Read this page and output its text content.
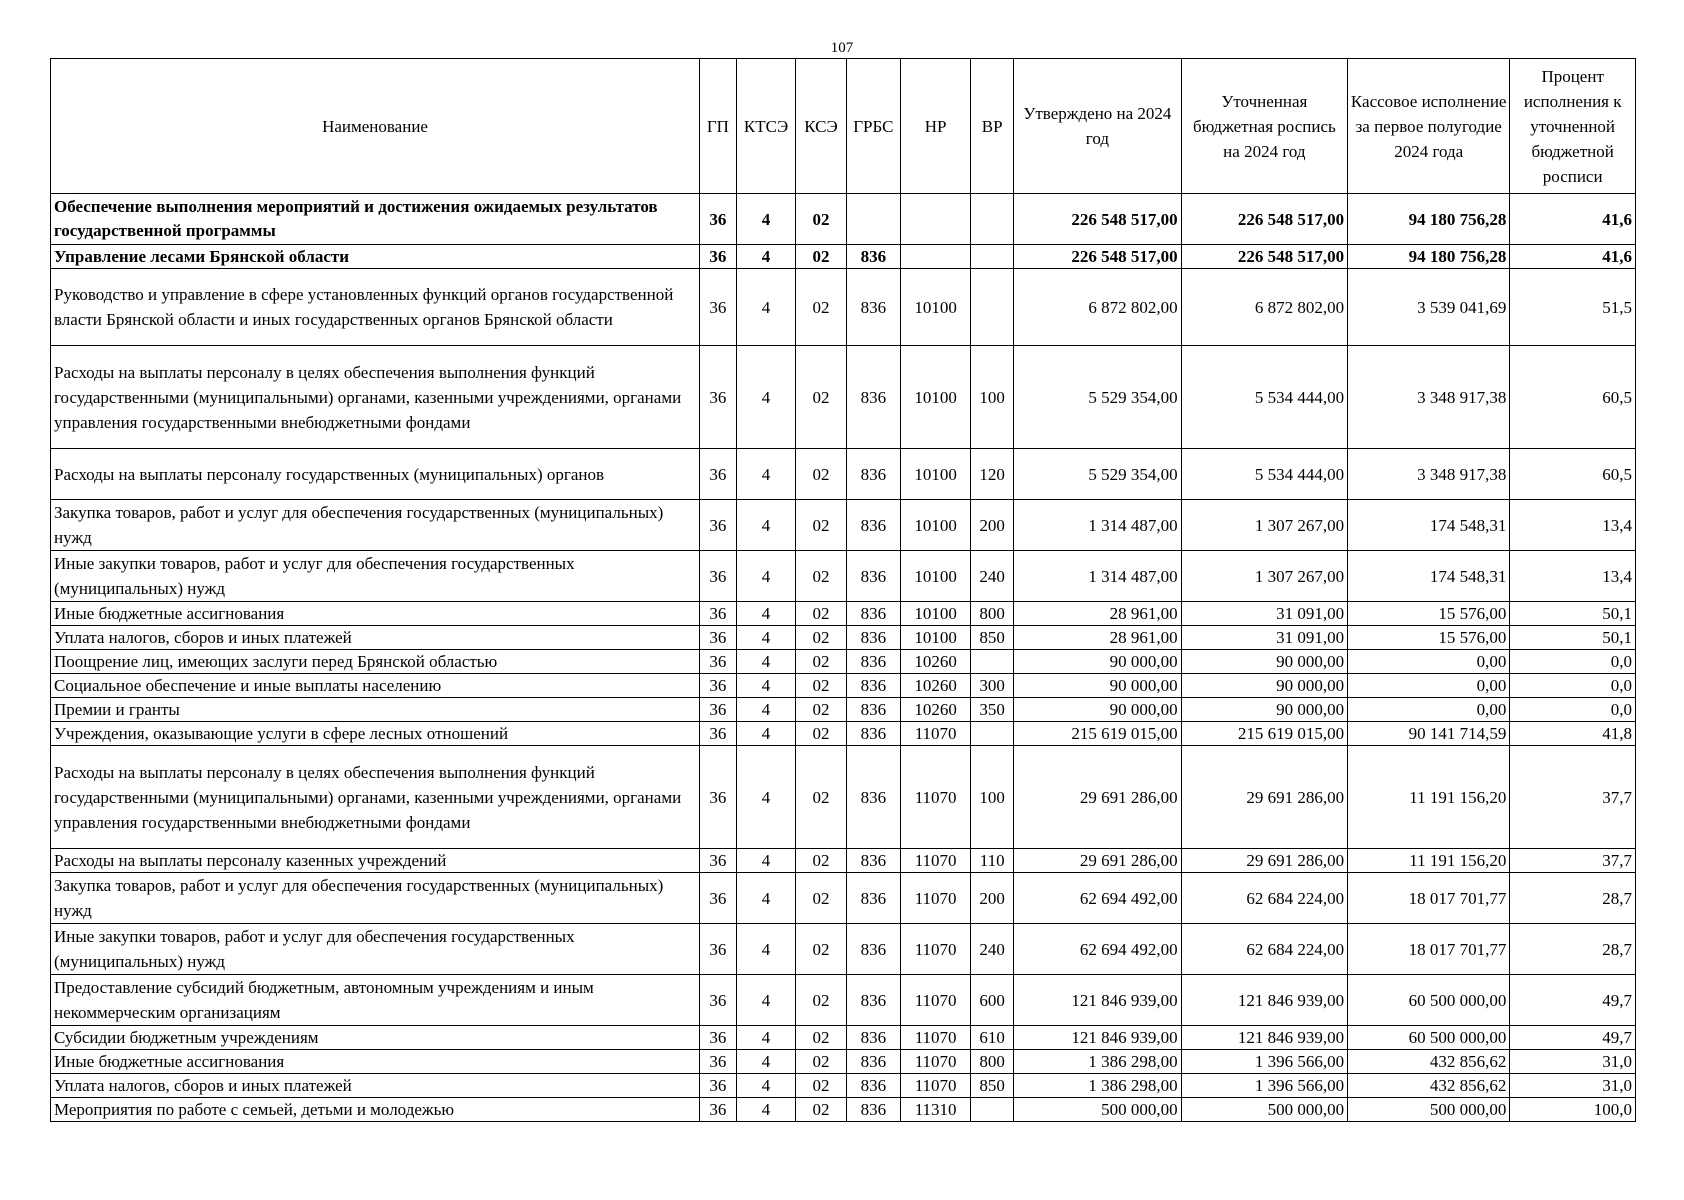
107
Наименование	ГП	КТСЭ	КСЭ	ГРБС	НР	ВР	Утверждено на 2024 год	Уточненная бюджетная роспись на 2024 год	Кассовое исполнение за первое полугодие 2024 года	Процент исполнения к уточненной бюджетной росписи
Обеспечение выполнения мероприятий и достижения ожидаемых результатов государственной программы	36	4	02				226 548 517,00	226 548 517,00	94 180 756,28	41,6
Управление лесами Брянской области	36	4	02	836			226 548 517,00	226 548 517,00	94 180 756,28	41,6
Руководство и управление в сфере установленных функций органов государственной власти Брянской области и иных государственных органов Брянской области	36	4	02	836	10100		6 872 802,00	6 872 802,00	3 539 041,69	51,5
Расходы на выплаты персоналу в целях обеспечения выполнения функций государственными (муниципальными) органами, казенными учреждениями, органами управления государственными внебюджетными фондами	36	4	02	836	10100	100	5 529 354,00	5 534 444,00	3 348 917,38	60,5
Расходы на выплаты персоналу государственных (муниципальных) органов	36	4	02	836	10100	120	5 529 354,00	5 534 444,00	3 348 917,38	60,5
Закупка товаров, работ и услуг для обеспечения государственных (муниципальных) нужд	36	4	02	836	10100	200	1 314 487,00	1 307 267,00	174 548,31	13,4
Иные закупки товаров, работ и услуг для обеспечения государственных (муниципальных) нужд	36	4	02	836	10100	240	1 314 487,00	1 307 267,00	174 548,31	13,4
Иные бюджетные ассигнования	36	4	02	836	10100	800	28 961,00	31 091,00	15 576,00	50,1
Уплата налогов, сборов и иных платежей	36	4	02	836	10100	850	28 961,00	31 091,00	15 576,00	50,1
Поощрение лиц, имеющих заслуги перед Брянской областью	36	4	02	836	10260		90 000,00	90 000,00	0,00	0,0
Социальное обеспечение и иные выплаты населению	36	4	02	836	10260	300	90 000,00	90 000,00	0,00	0,0
Премии и гранты	36	4	02	836	10260	350	90 000,00	90 000,00	0,00	0,0
Учреждения, оказывающие услуги в сфере лесных отношений	36	4	02	836	11070		215 619 015,00	215 619 015,00	90 141 714,59	41,8
Расходы на выплаты персоналу в целях обеспечения выполнения функций государственными (муниципальными) органами, казенными учреждениями, органами управления государственными внебюджетными фондами	36	4	02	836	11070	100	29 691 286,00	29 691 286,00	11 191 156,20	37,7
Расходы на выплаты персоналу казенных учреждений	36	4	02	836	11070	110	29 691 286,00	29 691 286,00	11 191 156,20	37,7
Закупка товаров, работ и услуг для обеспечения государственных (муниципальных) нужд	36	4	02	836	11070	200	62 694 492,00	62 684 224,00	18 017 701,77	28,7
Иные закупки товаров, работ и услуг для обеспечения государственных (муниципальных) нужд	36	4	02	836	11070	240	62 694 492,00	62 684 224,00	18 017 701,77	28,7
Предоставление субсидий бюджетным, автономным учреждениям и иным некоммерческим организациям	36	4	02	836	11070	600	121 846 939,00	121 846 939,00	60 500 000,00	49,7
Субсидии бюджетным учреждениям	36	4	02	836	11070	610	121 846 939,00	121 846 939,00	60 500 000,00	49,7
Иные бюджетные ассигнования	36	4	02	836	11070	800	1 386 298,00	1 396 566,00	432 856,62	31,0
Уплата налогов, сборов и иных платежей	36	4	02	836	11070	850	1 386 298,00	1 396 566,00	432 856,62	31,0
Мероприятия по работе с семьей, детьми и молодежью	36	4	02	836	11310		500 000,00	500 000,00	500 000,00	100,0
